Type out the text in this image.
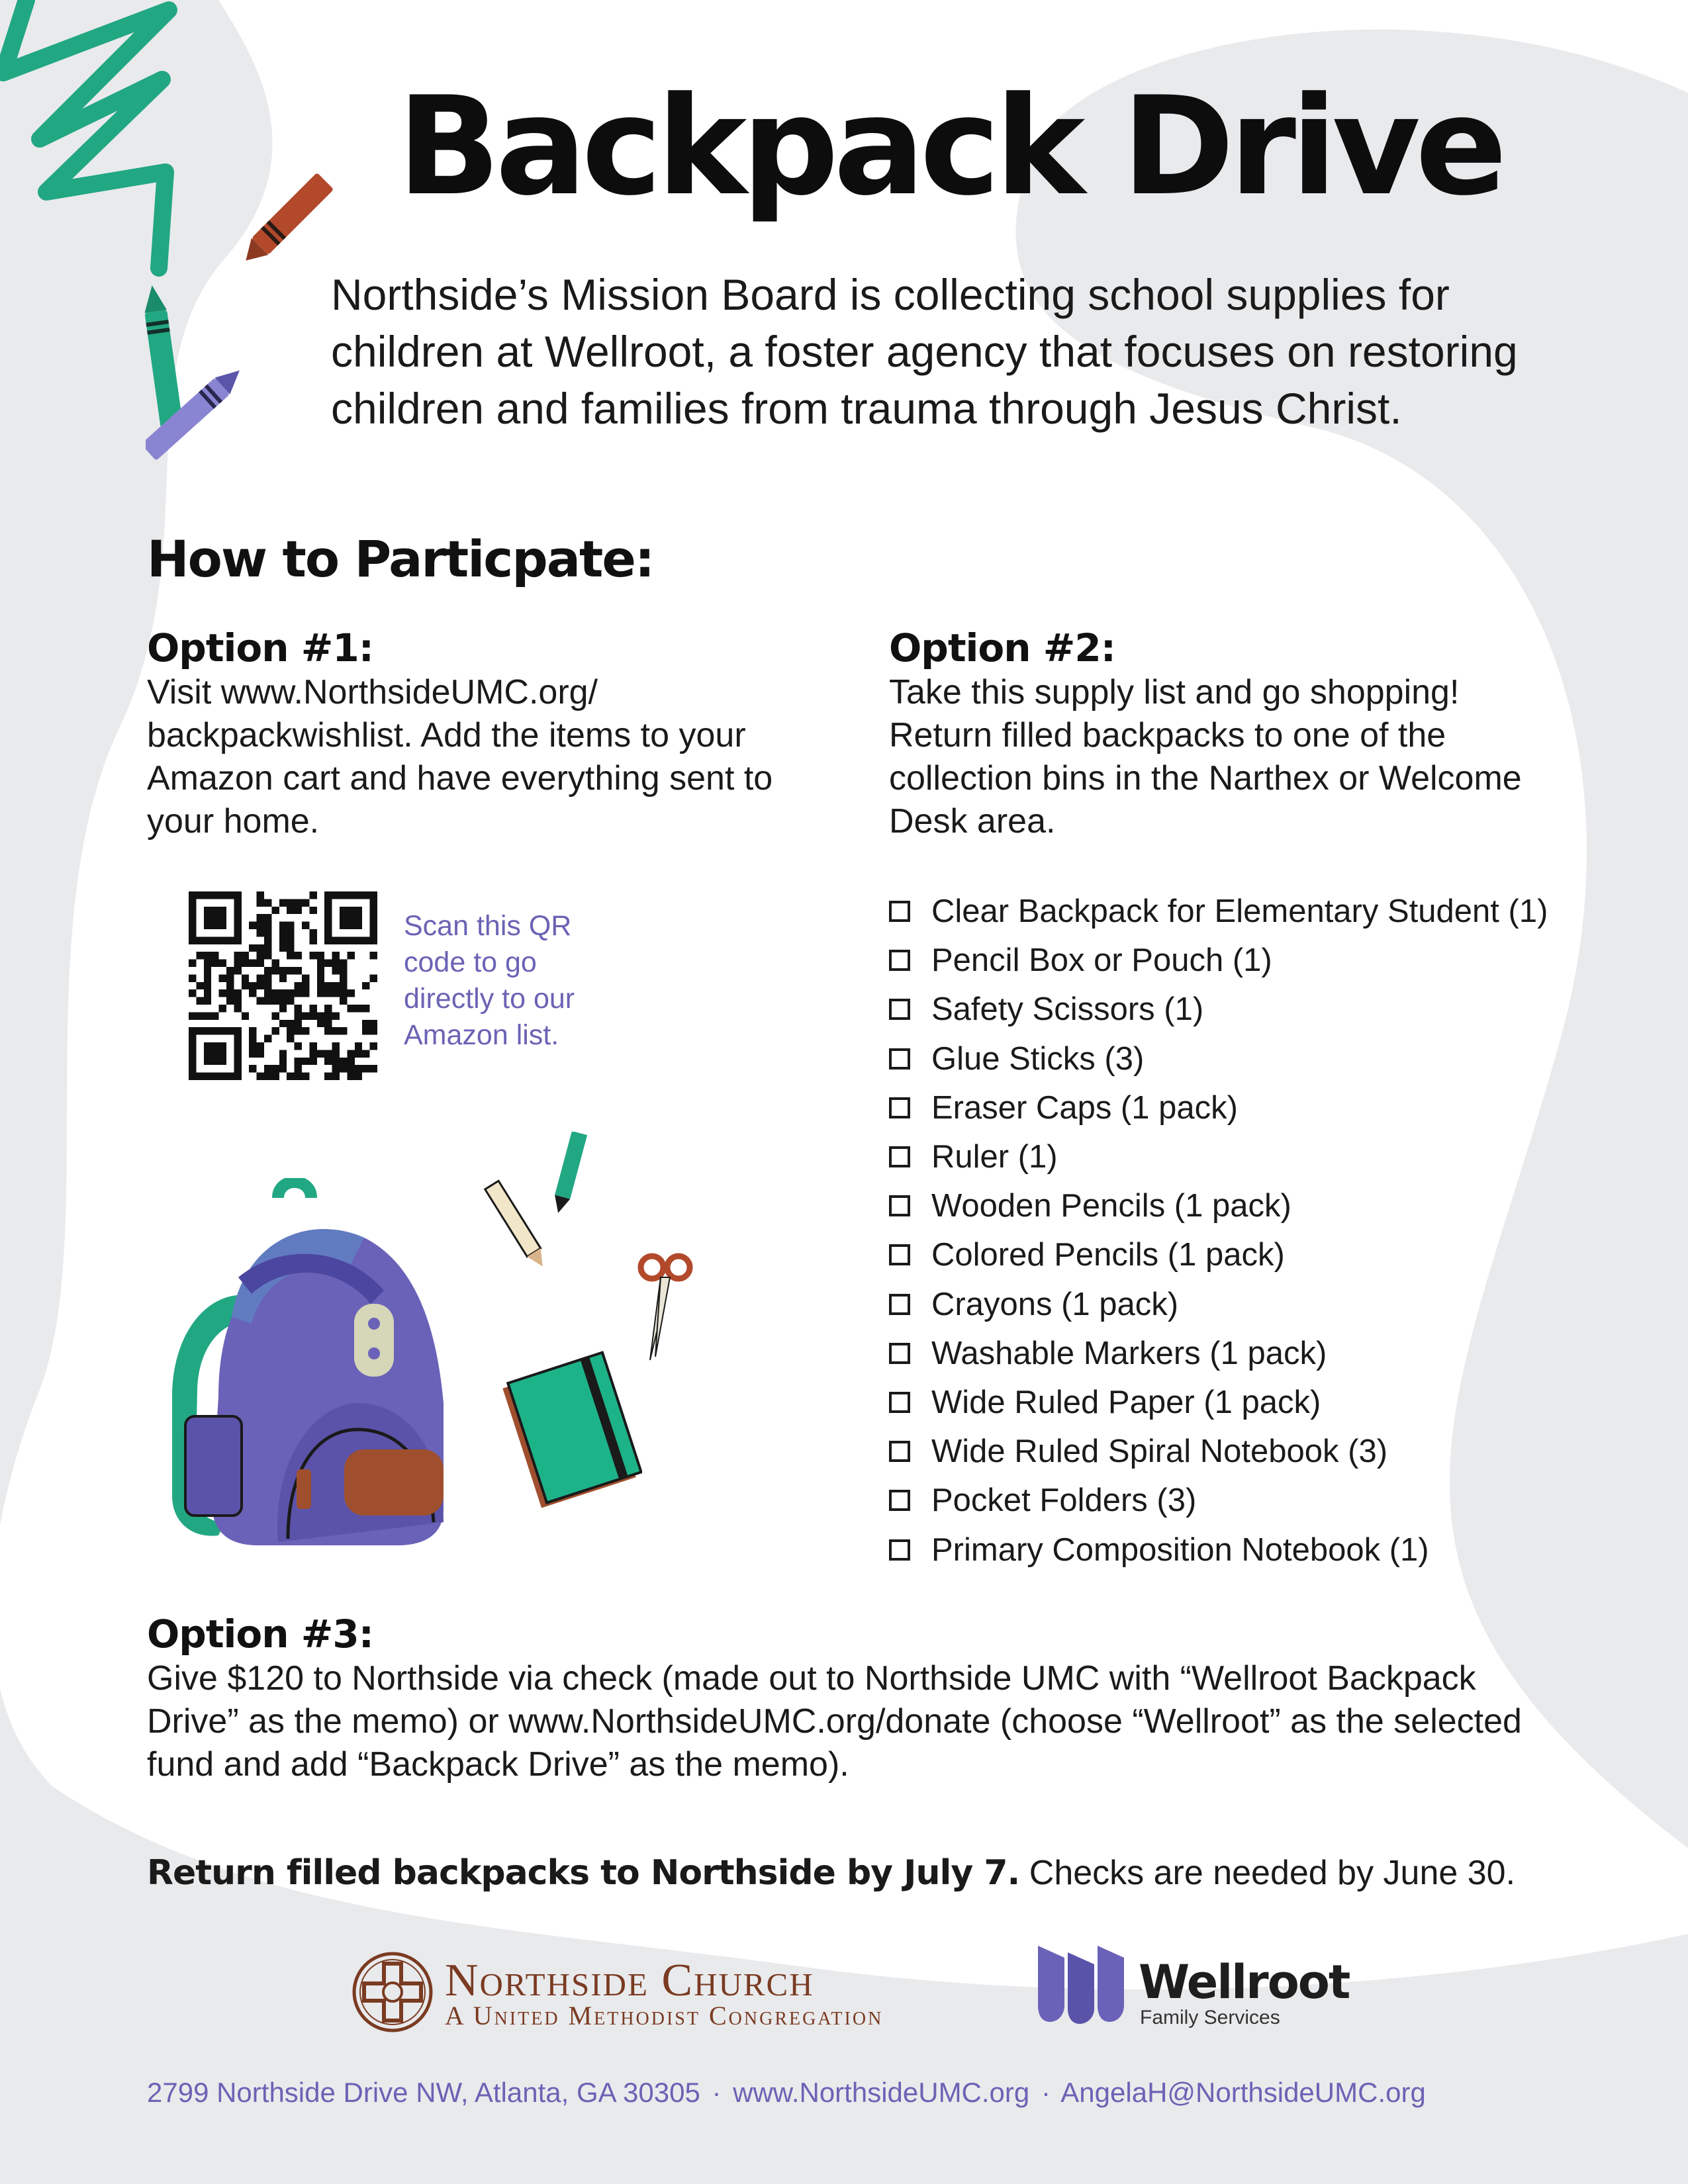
Backpack Drive

Northside’s Mission Board is collecting school supplies for children at Wellroot, a foster agency that focuses on restoring children and families from trauma through Jesus Christ.

How to Particpate:
Option #1:

Visit www.NorthsideUMC.org/ backpackwishlist. Add the items to your Amazon cart and have everything sent to your home.

Scan this QR code to go directly to our Amazon list.

Option #2:

Take this supply list and go shopping! Return filled backpacks to one of the collection bins in the Narthex or Welcome Desk area.

Clear Backpack for Elementary Student (1)
Pencil Box or Pouch (1)
Safety Scissors (1)
Glue Sticks (3)
Eraser Caps (1 pack)
Ruler (1)
Wooden Pencils (1 pack)
Colored Pencils (1 pack)
Crayons (1 pack)
Washable Markers (1 pack)
Wide Ruled Paper (1 pack)
Wide Ruled Spiral Notebook (3)
Pocket Folders (3)
Primary Composition Notebook (1)
Option #3:

Give $120 to Northside via check (made out to Northside UMC with “Wellroot Backpack Drive” as the memo) or www.NorthsideUMC.org/donate (choose “Wellroot” as the selected fund and add “Backpack Drive” as the memo).

Return filled backpacks to Northside by July 7. Checks are needed by June 30.

Northside Church

A United Methodist Congregation

Wellroot

Family Services

2799 Northside Drive NW, Atlanta, GA 30305 · www.NorthsideUMC.org · AngelaH@NorthsideUMC.org
